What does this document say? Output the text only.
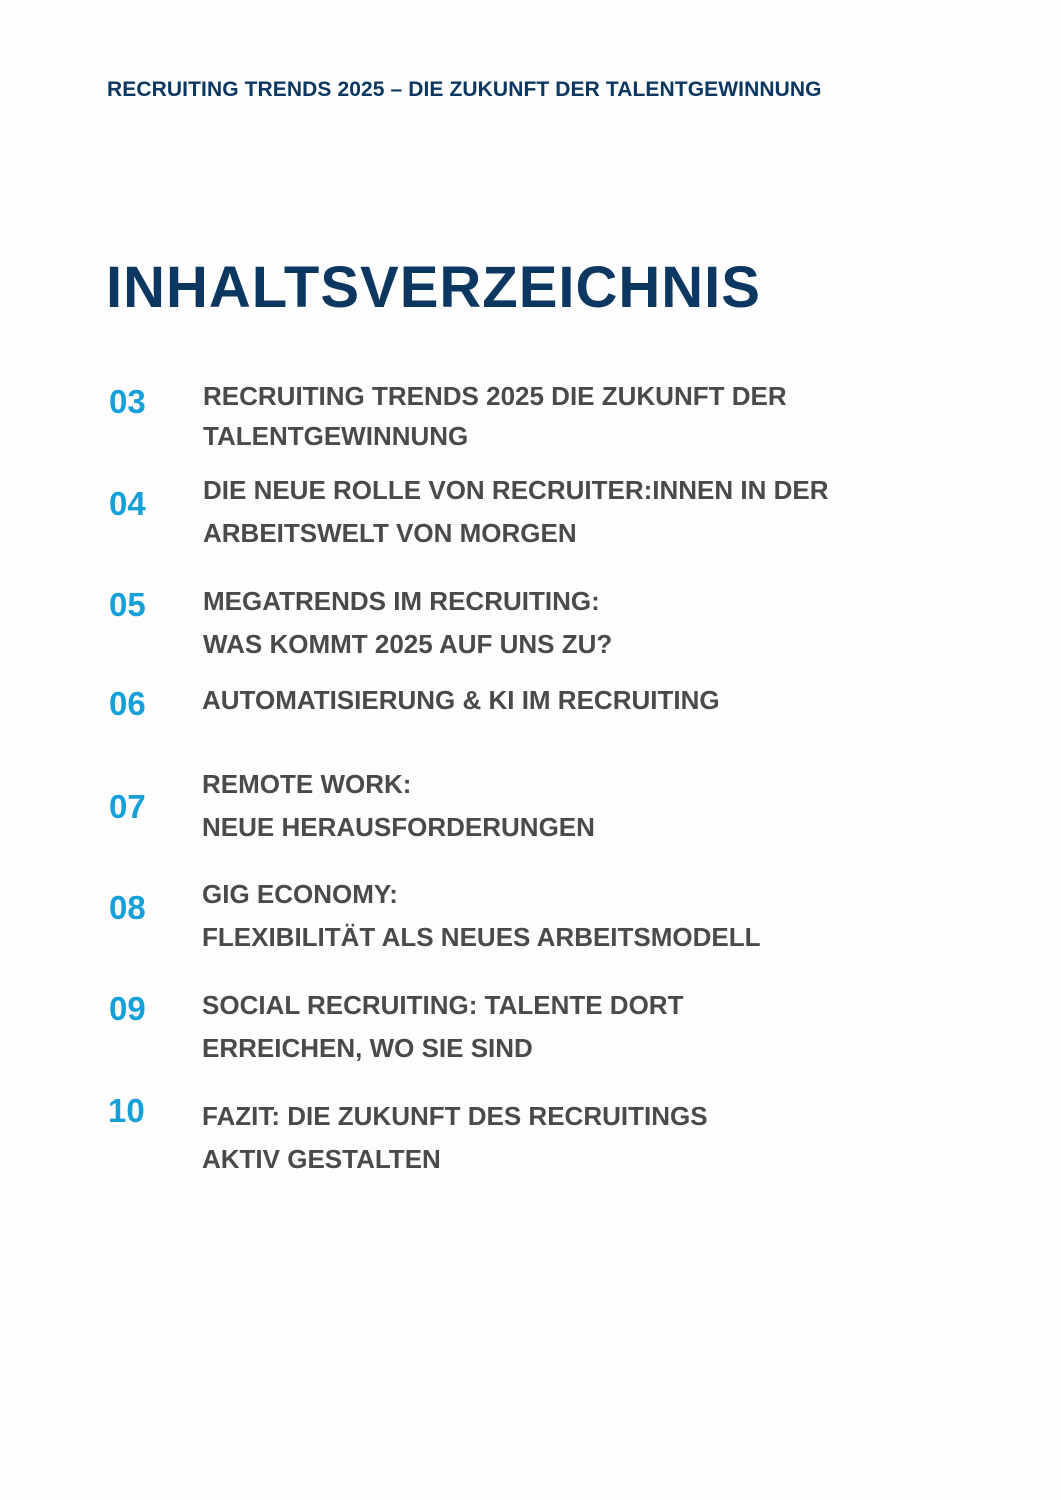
RECRUITING TRENDS 2025 – DIE ZUKUNFT DER TALENTGEWINNUNG
INHALTSVERZEICHNIS
03 RECRUITING TRENDS 2025 DIE ZUKUNFT DER
TALENTGEWINNUNG
04 DIE NEUE ROLLE VON RECRUITER:INNEN IN DER
ARBEITSWELT VON MORGEN
05 MEGATRENDS IM RECRUITING:
WAS KOMMT 2025 AUF UNS ZU?
06 AUTOMATISIERUNG & KI IM RECRUITING
07
REMOTE WORK:
NEUE HERAUSFORDERUNGEN
08 GIG ECONOMY:
FLEXIBILITÄT ALS NEUES ARBEITSMODELL
09 SOCIAL RECRUITING: TALENTE DORT
ERREICHEN, WO SIE SIND
10 FAZIT: DIE ZUKUNFT DES RECRUITINGS
AKTIV GESTALTEN
